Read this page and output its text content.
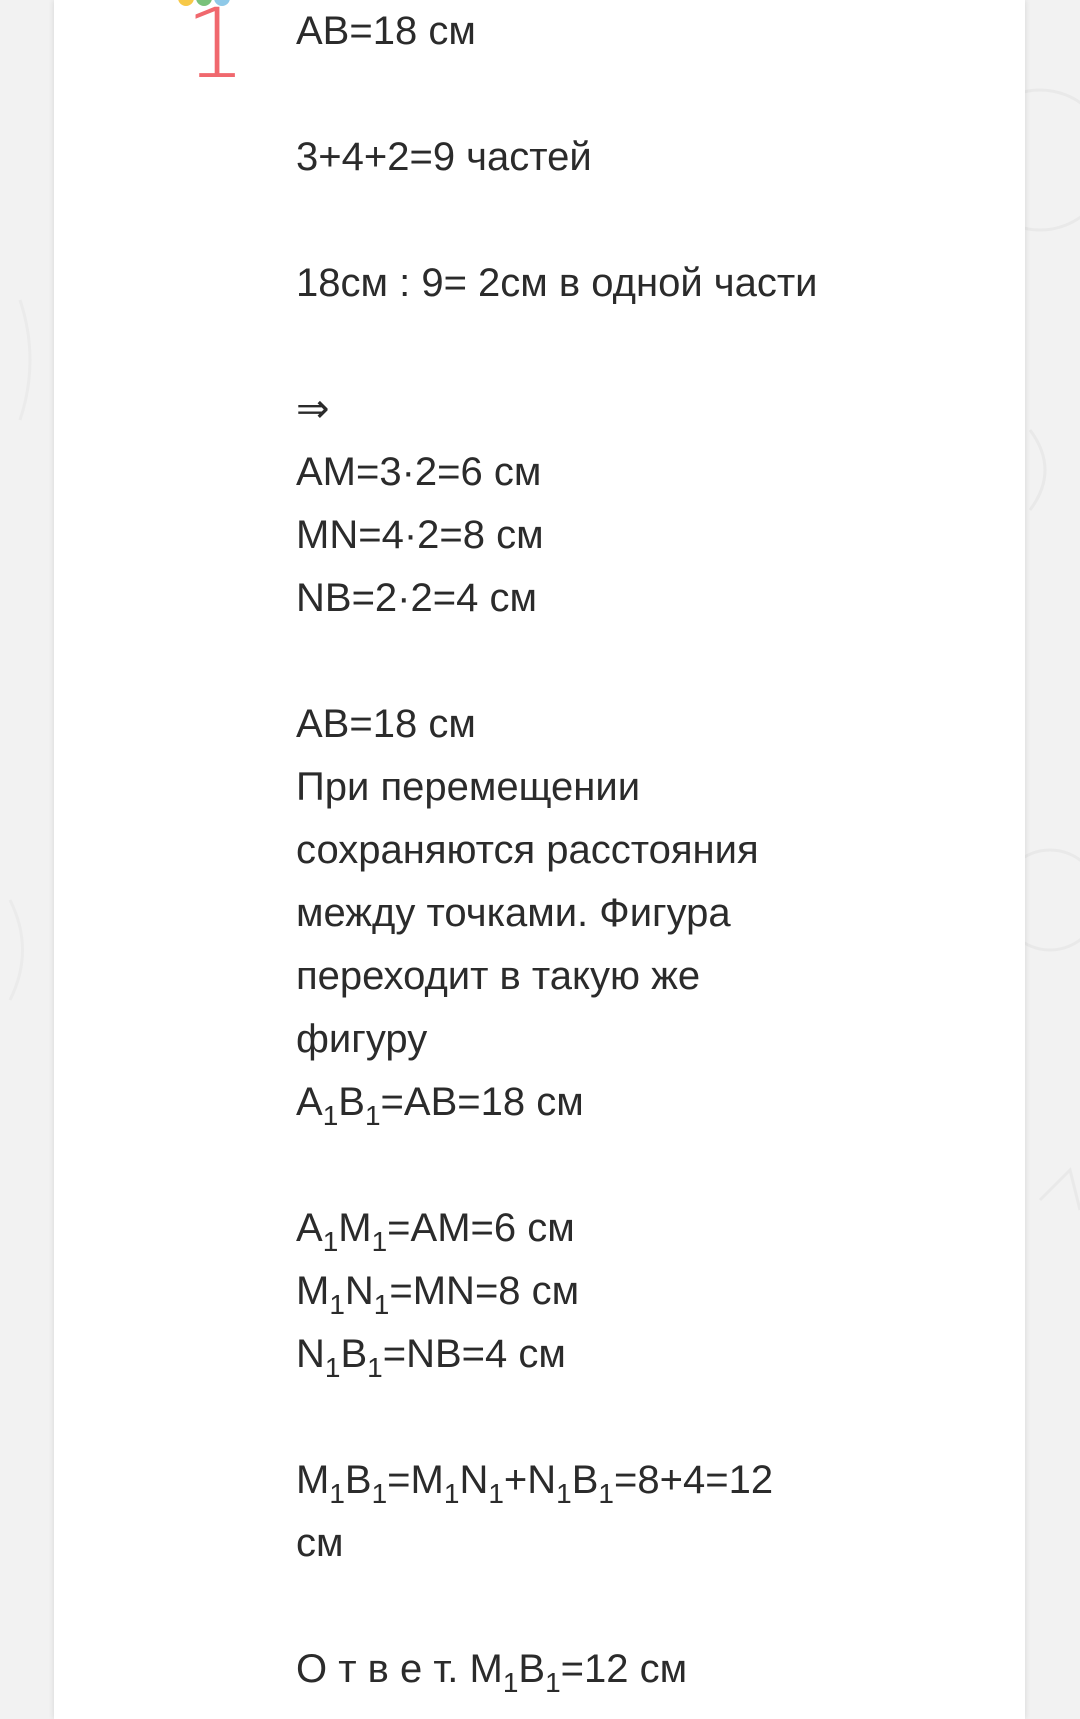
1 AB=18 см
3+4+2=9 частей
18см : 9= 2см в одной части
⇒
AM=3·2=6 см
MN=4·2=8 см
NB=2·2=4 см
AB=18 см
При перемещении
сохраняются расстояния
между точками. Фигура
переходит в такую же
фигуру
$A_1B_1=AB=18$ см
$A_1M_1=AM=6$ см
$M_1N_1=MN=8$ см
$N_1B_1=NB=4$ см
$M_1B_1=M_1N_1+N_1B_1=8+4=12$
см
О т в е т. $M_1B_1=12$ см
